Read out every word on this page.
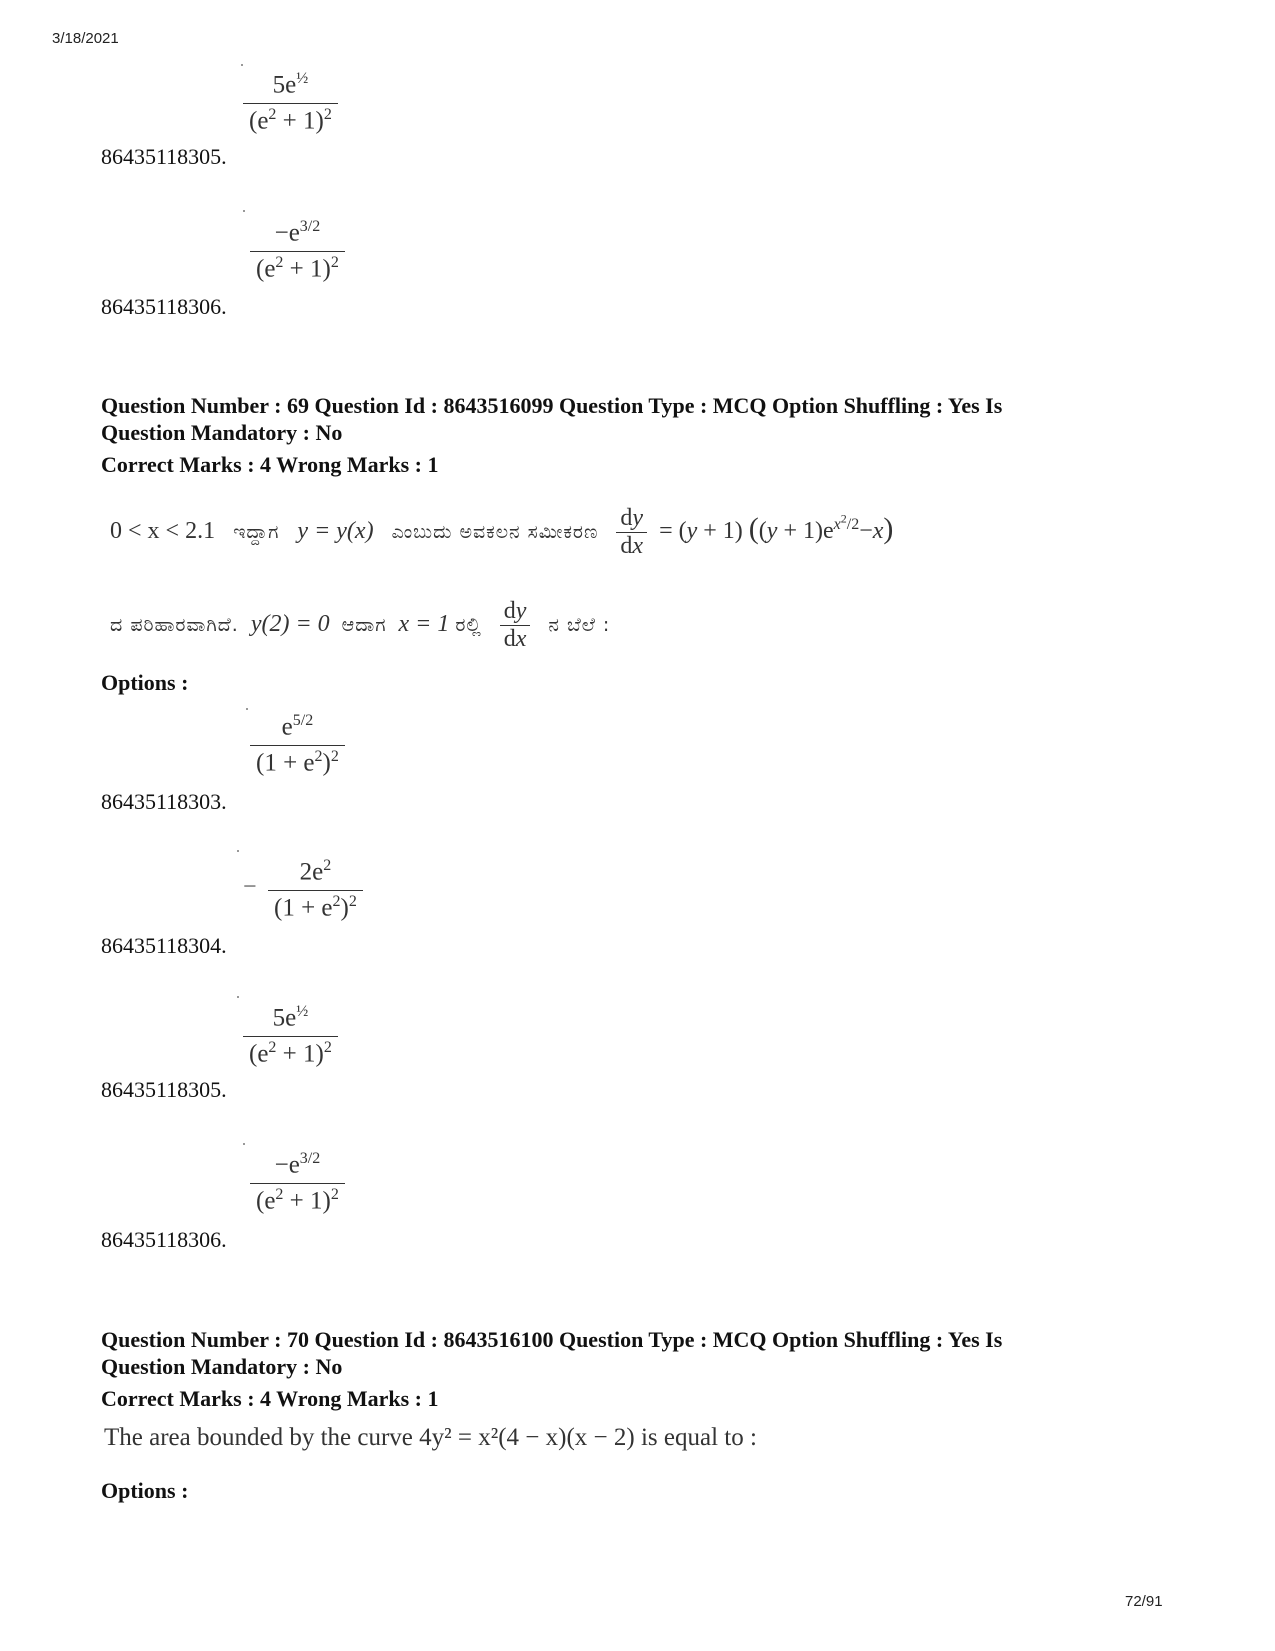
3/18/2021
$5e^{\frac{1}{2}}$
$(e^2 + 1)^2$
86435118305.
$-e^{3/2}$
$(e^2 + 1)^2$
86435118306.
Question Number : 69 Question Id : 8643516099 Question Type : MCQ Option Shuffling : Yes Is
Question Mandatory : No
Correct Marks : 4 Wrong Marks : 1
0 < x < 2.1 ಇದ್ದಾಗ y = y(x) ಎಂಬುದು ಅವಕಲನ ಸಮೀಕರಣ $\frac{dy}{dx} = (y + 1) ((y + 1)e^{x^2/2}-x)$
ದ ಪರಿಹಾರವಾಗಿದೆ. y(2) = 0 ಆದಾಗ x = 1 ರಲ್ಲಿ $\frac{dy}{dx}$ ನ ಬೆಲೆ :
Options :
$e^{5/2}$
$(1 + e^2)^2$
86435118303.
−
$2e^2$
$(1 + e^2)^2$
86435118304.
$5e^{\frac{1}{2}}$
$(e^2 + 1)^2$
86435118305.
$-e^{3/2}$
$(e^2 + 1)^2$
86435118306.
Question Number : 70 Question Id : 8643516100 Question Type : MCQ Option Shuffling : Yes Is
Question Mandatory : No
Correct Marks : 4 Wrong Marks : 1
The area bounded by the curve 4y² = x²(4 − x)(x − 2) is equal to :
Options :
72/91
